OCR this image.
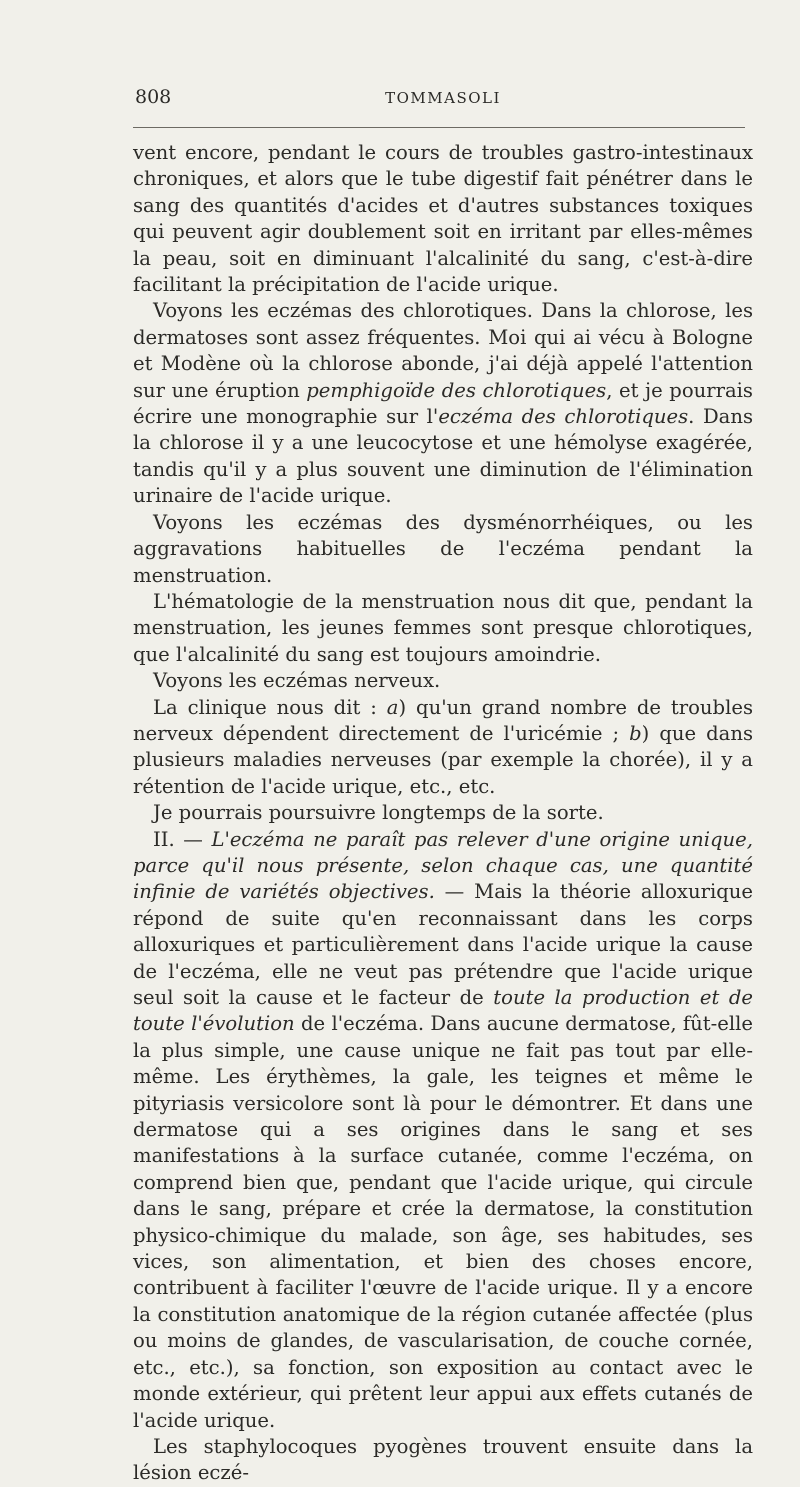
808	TOMMASOLI

vent encore, pendant le cours de troubles gastro-intestinaux chroniques, et alors que le tube digestif fait pénétrer dans le sang des quantités d'acides et d'autres substances toxiques qui peuvent agir doublement soit en irritant par elles-mêmes la peau, soit en diminuant l'alcalinité du sang, c'est-à-dire facilitant la précipitation de l'acide urique.

Voyons les eczémas des chlorotiques. Dans la chlorose, les dermatoses sont assez fréquentes. Moi qui ai vécu à Bologne et Modène où la chlorose abonde, j'ai déjà appelé l'attention sur une éruption pemphigoïde des chlorotiques, et je pourrais écrire une monographie sur l'eczéma des chlorotiques. Dans la chlorose il y a une leucocytose et une hémolyse exagérée, tandis qu'il y a plus souvent une diminution de l'élimination urinaire de l'acide urique.

Voyons les eczémas des dysménorrhéiques, ou les aggravations habituelles de l'eczéma pendant la menstruation.

L'hématologie de la menstruation nous dit que, pendant la menstruation, les jeunes femmes sont presque chlorotiques, que l'alcalinité du sang est toujours amoindrie.

Voyons les eczémas nerveux.

La clinique nous dit : a) qu'un grand nombre de troubles nerveux dépendent directement de l'uricémie ; b) que dans plusieurs maladies nerveuses (par exemple la chorée), il y a rétention de l'acide urique, etc., etc.

Je pourrais poursuivre longtemps de la sorte.

II. — L'eczéma ne paraît pas relever d'une origine unique, parce qu'il nous présente, selon chaque cas, une quantité infinie de variétés objectives. — Mais la théorie alloxurique répond de suite qu'en reconnaissant dans les corps alloxuriques et particulièrement dans l'acide urique la cause de l'eczéma, elle ne veut pas prétendre que l'acide urique seul soit la cause et le facteur de toute la production et de toute l'évolution de l'eczéma. Dans aucune dermatose, fût-elle la plus simple, une cause unique ne fait pas tout par elle-même. Les érythèmes, la gale, les teignes et même le pityriasis versicolore sont là pour le démontrer. Et dans une dermatose qui a ses origines dans le sang et ses manifestations à la surface cutanée, comme l'eczéma, on comprend bien que, pendant que l'acide urique, qui circule dans le sang, prépare et crée la dermatose, la constitution physico-chimique du malade, son âge, ses habitudes, ses vices, son alimentation, et bien des choses encore, contribuent à faciliter l'œuvre de l'acide urique. Il y a encore la constitution anatomique de la région cutanée affectée (plus ou moins de glandes, de vascularisation, de couche cornée, etc., etc.), sa fonction, son exposition au contact avec le monde extérieur, qui prêtent leur appui aux effets cutanés de l'acide urique.

Les staphylocoques pyogènes trouvent ensuite dans la lésion eczé-
